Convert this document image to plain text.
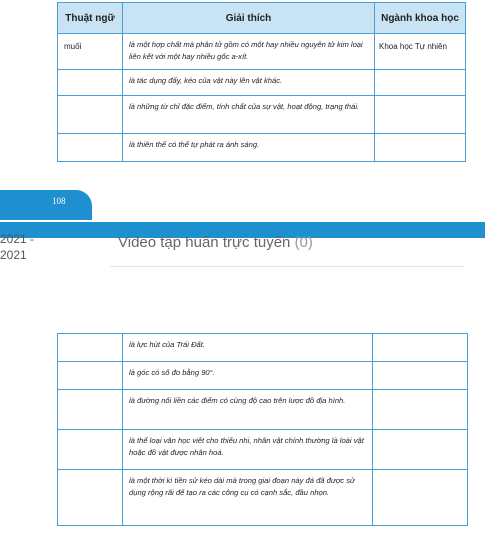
Thuật ngữ	Giải thích	Ngành khoa học

muối	là một hợp chất mà phân tử gồm có một hay nhiều nguyên tử kim loại liên kết với một hay nhiều gốc a-xít.	Khoa học Tự nhiên

	là tác dụng đẩy, kéo của vật này lên vật khác.	

	là những từ chỉ đặc điểm, tính chất của sự vật, hoạt động, trạng thái.	

	là thiên thể có thể tự phát ra ánh sáng.	

108
2021 -
2021
Video tập huấn trực tuyến (0)

	là lực hút của Trái Đất.	

	là góc có số đo bằng 90°.	

	là đường nối liền các điểm có cùng độ cao trên lược đồ địa hình.	

	là thể loại văn học viết cho thiếu nhi, nhân vật chính thường là loài vật hoặc đồ vật được nhân hoá.	

	là một thời kì tiền sử kéo dài mà trong giai đoạn này đá đã được sử dụng rộng rãi để tạo ra các công cụ có cạnh sắc, đầu nhọn.	
